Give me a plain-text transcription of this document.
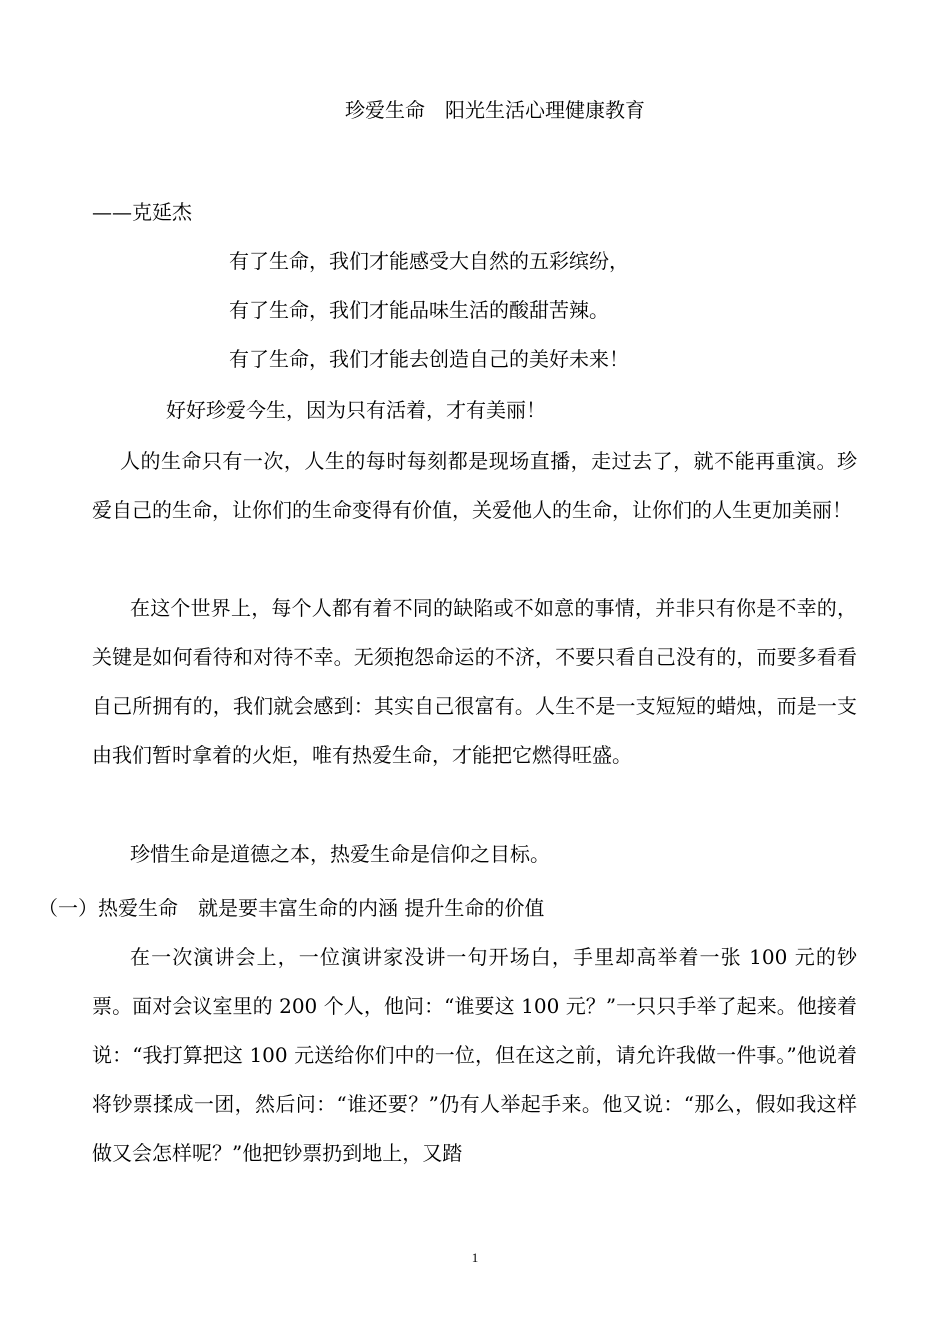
珍爱生命　阳光生活心理健康教育

——克延杰

有了生命，我们才能感受大自然的五彩缤纷，

有了生命，我们才能品味生活的酸甜苦辣。

有了生命，我们才能去创造自己的美好未来！

好好珍爱今生，因为只有活着，才有美丽！

人的生命只有一次，人生的每时每刻都是现场直播，走过去了，就不能再重演。珍爱自己的生命，让你们的生命变得有价值，关爱他人的生命，让你们的人生更加美丽！

在这个世界上，每个人都有着不同的缺陷或不如意的事情，并非只有你是不幸的，关键是如何看待和对待不幸。无须抱怨命运的不济，不要只看自己没有的，而要多看看自己所拥有的，我们就会感到：其实自己很富有。人生不是一支短短的蜡烛，而是一支由我们暂时拿着的火炬，唯有热爱生命，才能把它燃得旺盛。

珍惜生命是道德之本，热爱生命是信仰之目标。

（一）热爱生命　就是要丰富生命的内涵 提升生命的价值

在一次演讲会上，一位演讲家没讲一句开场白，手里却高举着一张 100 元的钞票。面对会议室里的 200 个人，他问：“谁要这 100 元？”一只只手举了起来。他接着说：“我打算把这 100 元送给你们中的一位，但在这之前，请允许我做一件事。”他说着将钞票揉成一团，然后问：“谁还要？”仍有人举起手来。他又说：“那么，假如我这样做又会怎样呢？”他把钞票扔到地上，又踏

1
